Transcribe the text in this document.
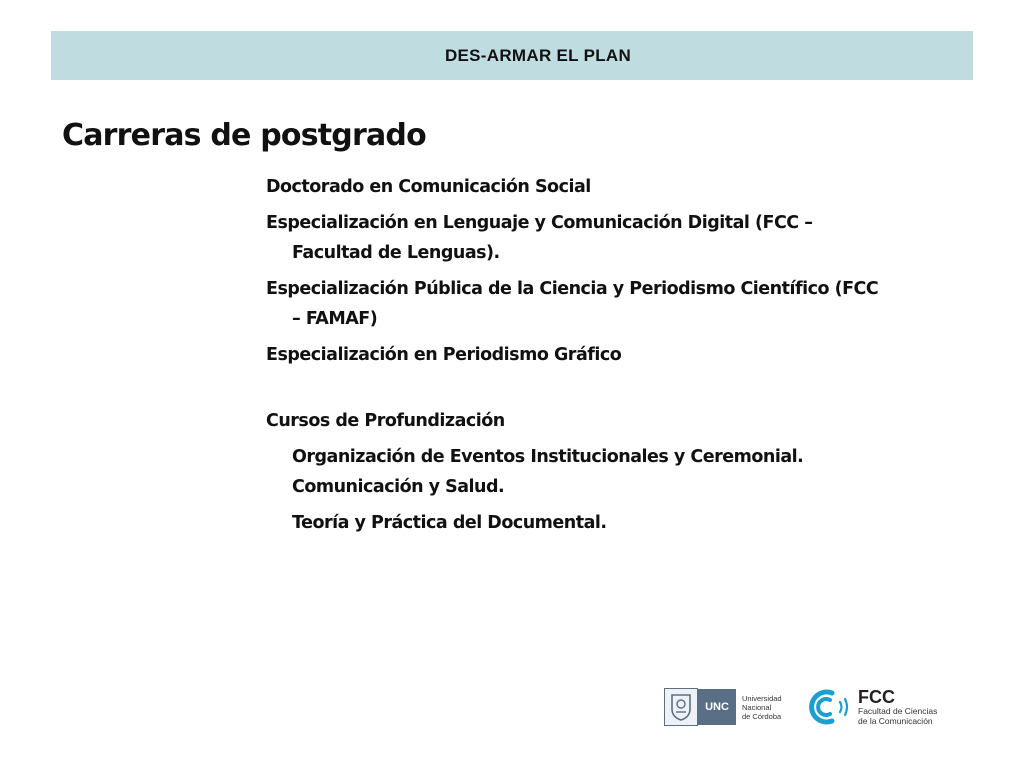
DES-ARMAR EL PLAN
Carreras de postgrado
Doctorado en Comunicación Social
Especialización en Lenguaje y Comunicación Digital (FCC –
Facultad de Lenguas).
Especialización Pública de la Ciencia y Periodismo Científico (FCC
– FAMAF)
Especialización en Periodismo Gráfico
Cursos de Profundización
Organización de Eventos Institucionales y Ceremonial.
Comunicación y Salud.
Teoría y Práctica del Documental.
UNC
Universidad
Nacional
de Córdoba
FCC
Facultad de Ciencias
de la Comunicación
